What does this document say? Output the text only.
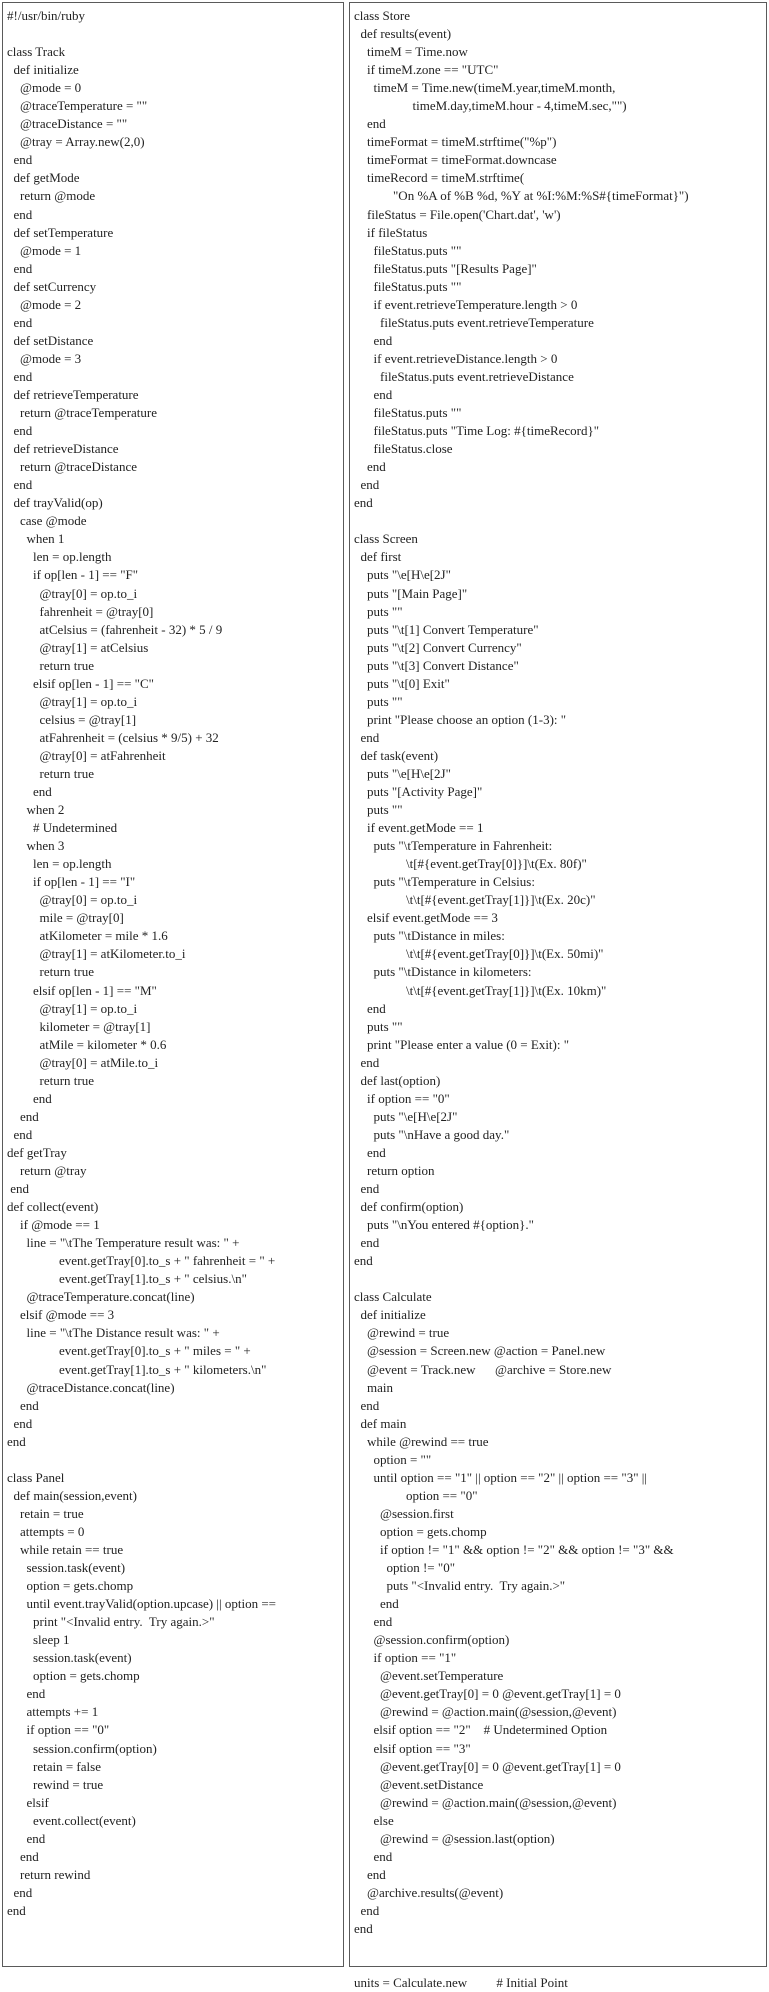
#!/usr/bin/ruby
class Track
def initialize
@mode = 0
@traceTemperature = ""
@traceDistance = ""
@tray = Array.new(2,0)
end
def getMode
return @mode
end
def setTemperature
@mode = 1
end
def setCurrency
@mode = 2
end
def setDistance
@mode = 3
end
def retrieveTemperature
return @traceTemperature
end
def retrieveDistance
return @traceDistance
end
def trayValid(op)
case @mode
when 1
len = op.length
if op[len - 1] == "F"
@tray[0] = op.to_i
fahrenheit = @tray[0]
atCelsius = (fahrenheit - 32) * 5 / 9
@tray[1] = atCelsius
return true
elsif op[len - 1] == "C"
@tray[1] = op.to_i
celsius = @tray[1]
atFahrenheit = (celsius * 9/5) + 32
@tray[0] = atFahrenheit
return true
end
when 2
# Undetermined
when 3
len = op.length
if op[len - 1] == "I"
@tray[0] = op.to_i
mile = @tray[0]
atKilometer = mile * 1.6
@tray[1] = atKilometer.to_i
return true
elsif op[len - 1] == "M"
@tray[1] = op.to_i
kilometer = @tray[1]
atMile = kilometer * 0.6
@tray[0] = atMile.to_i
return true
end
end
end
def getTray
return @tray
end
def collect(event)
if @mode == 1
line = "\tThe Temperature result was: " +
event.getTray[0].to_s + " fahrenheit = " +
event.getTray[1].to_s + " celsius.\n"
@traceTemperature.concat(line)
elsif @mode == 3
line = "\tThe Distance result was: " +
event.getTray[0].to_s + " miles = " +
event.getTray[1].to_s + " kilometers.\n"
@traceDistance.concat(line)
end
end
end
class Panel
def main(session,event)
retain = true
attempts = 0
while retain == true
session.task(event)
option = gets.chomp
until event.trayValid(option.upcase) || option ==
print "<Invalid entry.  Try again.>"
sleep 1
session.task(event)
option = gets.chomp
end
attempts += 1
if option == "0"
session.confirm(option)
retain = false
rewind = true
elsif
event.collect(event)
end
end
return rewind
end
end
class Store
def results(event)
timeM = Time.now
if timeM.zone == "UTC"
timeM = Time.new(timeM.year,timeM.month,
timeM.day,timeM.hour - 4,timeM.sec,"")
end
timeFormat = timeM.strftime("%p")
timeFormat = timeFormat.downcase
timeRecord = timeM.strftime(
"On %A of %B %d, %Y at %I:%M:%S#{timeFormat}")
fileStatus = File.open('Chart.dat', 'w')
if fileStatus
fileStatus.puts ""
fileStatus.puts "[Results Page]"
fileStatus.puts ""
if event.retrieveTemperature.length > 0
fileStatus.puts event.retrieveTemperature
end
if event.retrieveDistance.length > 0
fileStatus.puts event.retrieveDistance
end
fileStatus.puts ""
fileStatus.puts "Time Log: #{timeRecord}"
fileStatus.close
end
end
end
class Screen
def first
puts "\e[H\e[2J"
puts "[Main Page]"
puts ""
puts "\t[1] Convert Temperature"
puts "\t[2] Convert Currency"
puts "\t[3] Convert Distance"
puts "\t[0] Exit"
puts ""
print "Please choose an option (1-3): "
end
def task(event)
puts "\e[H\e[2J"
puts "[Activity Page]"
puts ""
if event.getMode == 1
puts "\tTemperature in Fahrenheit:
\t[#{event.getTray[0]}]\t(Ex. 80f)"
puts "\tTemperature in Celsius:
\t\t[#{event.getTray[1]}]\t(Ex. 20c)"
elsif event.getMode == 3
puts "\tDistance in miles:
\t\t[#{event.getTray[0]}]\t(Ex. 50mi)"
puts "\tDistance in kilometers:
\t\t[#{event.getTray[1]}]\t(Ex. 10km)"
end
puts ""
print "Please enter a value (0 = Exit): "
end
def last(option)
if option == "0"
puts "\e[H\e[2J"
puts "\nHave a good day."
end
return option
end
def confirm(option)
puts "\nYou entered #{option}."
end
end
class Calculate
def initialize
@rewind = true
@session = Screen.new @action = Panel.new
@event = Track.new      @archive = Store.new
main
end
def main
while @rewind == true
option = ""
until option == "1" || option == "2" || option == "3" ||
option == "0"
@session.first
option = gets.chomp
if option != "1" && option != "2" && option != "3" &&
option != "0"
puts "<Invalid entry.  Try again.>"
end
end
@session.confirm(option)
if option == "1"
@event.setTemperature
@event.getTray[0] = 0 @event.getTray[1] = 0
@rewind = @action.main(@session,@event)
elsif option == "2"    # Undetermined Option
elsif option == "3"
@event.getTray[0] = 0 @event.getTray[1] = 0
@event.setDistance
@rewind = @action.main(@session,@event)
else
@rewind = @session.last(option)
end
end
@archive.results(@event)
end
end
units = Calculate.new         # Initial Point
